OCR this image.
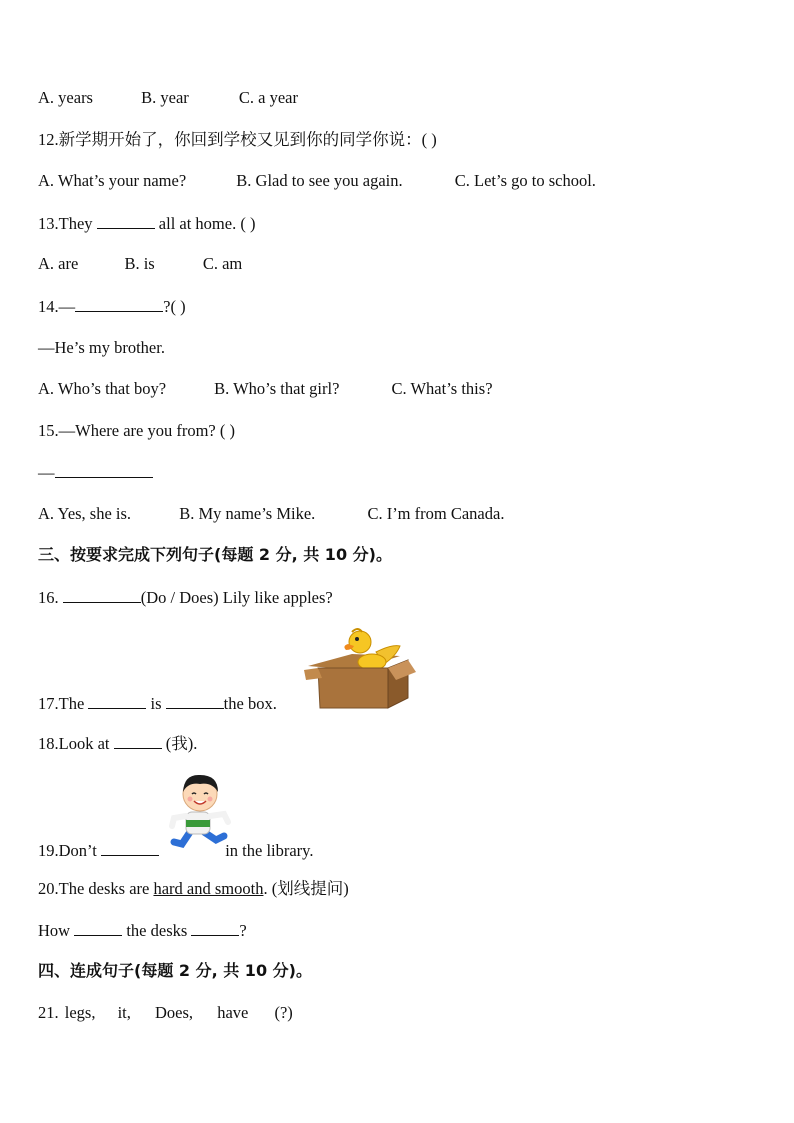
A. years	B. year	C. a year
12.新学期开始了，你回到学校又见到你的同学你说：( )
A. What’s your name?	B. Glad to see you again.	C. Let’s go to school.
13.They	all at home. ( )
A. are	B. is	C. am
14.—	?( )
—He’s my brother.
A. Who’s that boy?	B. Who’s that girl?	C. What’s this?
15.—Where are you from? ( )
—
A. Yes, she is.	B. My name’s Mike.	C. I’m from Canada.
三、按要求完成下列句子(每题 2 分, 共 10 分)。
16.	(Do / Does) Lily like apples?
17.The	is	the box.
18.Look at	(我).
19.Don’t	in the library.
20.The desks are hard and smooth. (划线提问)
How	the desks	?
四、连成句子(每题 2 分, 共 10 分)。
21. legs, it, Does, have (?)
